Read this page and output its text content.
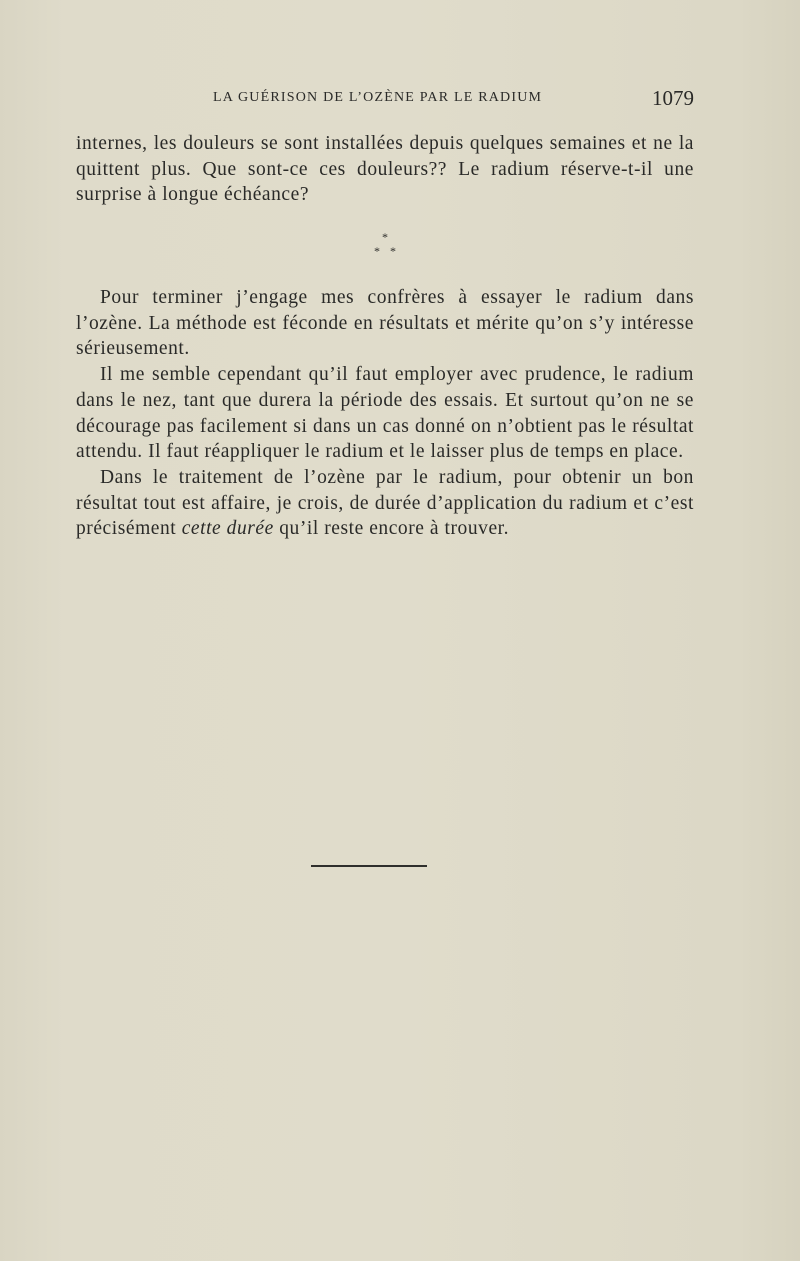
LA GUÉRISON DE L’OZÈNE PAR LE RADIUM	1079

internes, les douleurs se sont installées depuis quelques semaines et ne la quittent plus. Que sont-ce ces douleurs?? Le radium réserve-t-il une surprise à longue échéance?

*
* *

Pour terminer j’engage mes confrères à essayer le radium dans l’ozène. La méthode est féconde en résultats et mérite qu’on s’y intéresse sérieusement.

Il me semble cependant qu’il faut employer avec prudence, le radium dans le nez, tant que durera la période des essais. Et surtout qu’on ne se décourage pas facilement si dans un cas donné on n’obtient pas le résultat attendu. Il faut réappliquer le radium et le laisser plus de temps en place.

Dans le traitement de l’ozène par le radium, pour obtenir un bon résultat tout est affaire, je crois, de durée d’application du radium et c’est précisément cette durée qu’il reste encore à trouver.
